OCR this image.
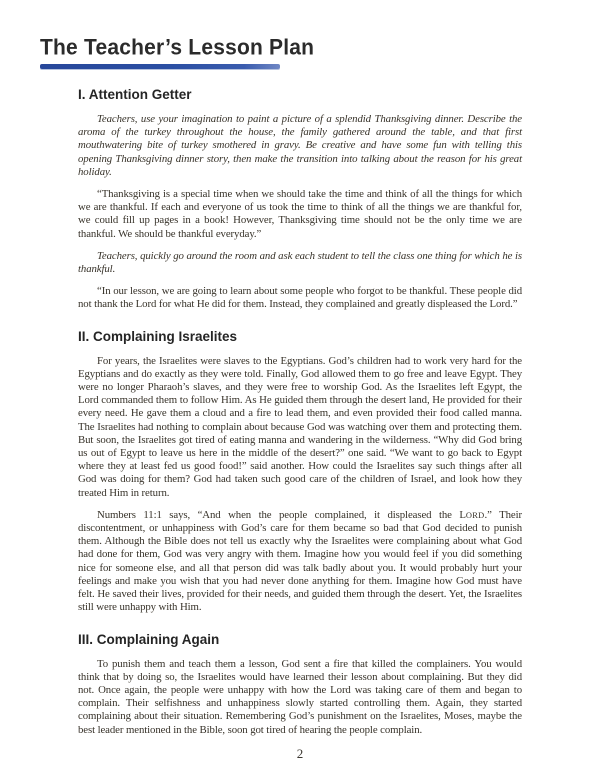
The Teacher’s Lesson Plan
I. Attention Getter

Teachers, use your imagination to paint a picture of a splendid Thanksgiving dinner. Describe the aroma of the turkey throughout the house, the family gathered around the table, and that first mouthwatering bite of turkey smothered in gravy. Be creative and have some fun with telling this opening Thanksgiving dinner story, then make the transition into talking about the reason for his great holiday.

“Thanksgiving is a special time when we should take the time and think of all the things for which we are thankful. If each and everyone of us took the time to think of all the things we are thankful for, we could fill up pages in a book! However, Thanksgiving time should not be the only time we are thankful. We should be thankful everyday.”

Teachers, quickly go around the room and ask each student to tell the class one thing for which he is thankful.

“In our lesson, we are going to learn about some people who forgot to be thankful. These people did not thank the Lord for what He did for them. Instead, they complained and greatly displeased the Lord.”

II. Complaining Israelites

For years, the Israelites were slaves to the Egyptians. God’s children had to work very hard for the Egyptians and do exactly as they were told. Finally, God allowed them to go free and leave Egypt. They were no longer Pharaoh’s slaves, and they were free to worship God. As the Israelites left Egypt, the Lord commanded them to follow Him. As He guided them through the desert land, He provided for their every need. He gave them a cloud and a fire to lead them, and even provided their food called manna. The Israelites had nothing to complain about because God was watching over them and protecting them. But soon, the Israelites got tired of eating manna and wandering in the wilderness. “Why did God bring us out of Egypt to leave us here in the middle of the desert?” one said. “We want to go back to Egypt where they at least fed us good food!” said another. How could the Israelites say such things after all God was doing for them? God had taken such good care of the children of Israel, and look how they treated Him in return.

Numbers 11:1 says, “And when the people complained, it displeased the LORD.” Their discontentment, or unhappiness with God’s care for them became so bad that God decided to punish them. Although the Bible does not tell us exactly why the Israelites were complaining about what God had done for them, God was very angry with them. Imagine how you would feel if you did something nice for someone else, and all that person did was talk badly about you. It would probably hurt your feelings and make you wish that you had never done anything for them. Imagine how God must have felt. He saved their lives, provided for their needs, and guided them through the desert. Yet, the Israelites still were unhappy with Him.

III. Complaining Again

To punish them and teach them a lesson, God sent a fire that killed the complainers. You would think that by doing so, the Israelites would have learned their lesson about complaining. But they did not. Once again, the people were unhappy with how the Lord was taking care of them and began to complain. Their selfishness and unhappiness slowly started controlling them. Again, they started complaining about their situation. Remembering God’s punishment on the Israelites, Moses, maybe the best leader mentioned in the Bible, soon got tired of hearing the people complain.

2
